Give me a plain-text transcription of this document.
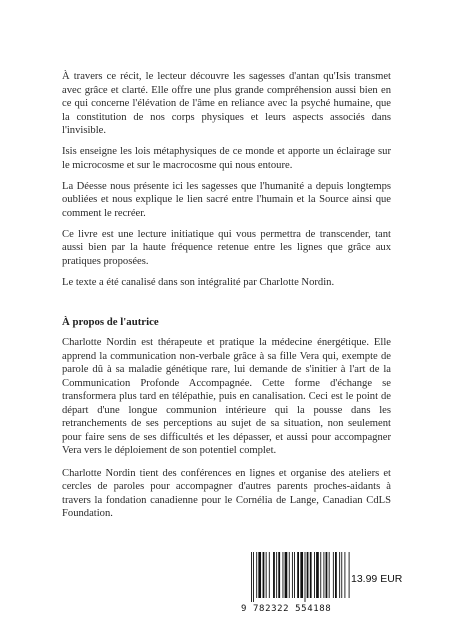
À travers ce récit, le lecteur découvre les sagesses d'antan qu'Isis transmet avec grâce et clarté. Elle offre une plus grande compréhension aussi bien en ce qui concerne l'élévation de l'âme en reliance avec la psyché humaine, que la constitution de nos corps physiques et leurs aspects associés dans l'invisible.

Isis enseigne les lois métaphysiques de ce monde et apporte un éclairage sur le microcosme et sur le macrocosme qui nous entoure.

La Déesse nous présente ici les sagesses que l'humanité a depuis longtemps oubliées et nous explique le lien sacré entre l'humain et la Source ainsi que comment le recréer.

Ce livre est une lecture initiatique qui vous permettra de transcender, tant aussi bien par la haute fréquence retenue entre les lignes que grâce aux pratiques proposées.

Le texte a été canalisé dans son intégralité par Charlotte Nordin.

À propos de l'autrice

Charlotte Nordin est thérapeute et pratique la médecine énergétique. Elle apprend la communication non-verbale grâce à sa fille Vera qui, exempte de parole dû à sa maladie génétique rare, lui demande de s'initier à l'art de la Communication Profonde Accompagnée. Cette forme d'échange se transformera plus tard en télépathie, puis en canalisation. Ceci est le point de départ d'une longue communion intérieure qui la pousse dans les retranchements de ses perceptions au sujet de sa situation, non seulement pour faire sens de ses difficultés et les dépasser, et aussi pour accompagner Vera vers le déploiement de son potentiel complet.

Charlotte Nordin tient des conférences en lignes et organise des ateliers et cercles de paroles pour accompagner d'autres parents proches-aidants à travers la fondation canadienne pour le Cornélia de Lange, Canadian CdLS Foundation.

9 782322 554188
13.99 EUR
